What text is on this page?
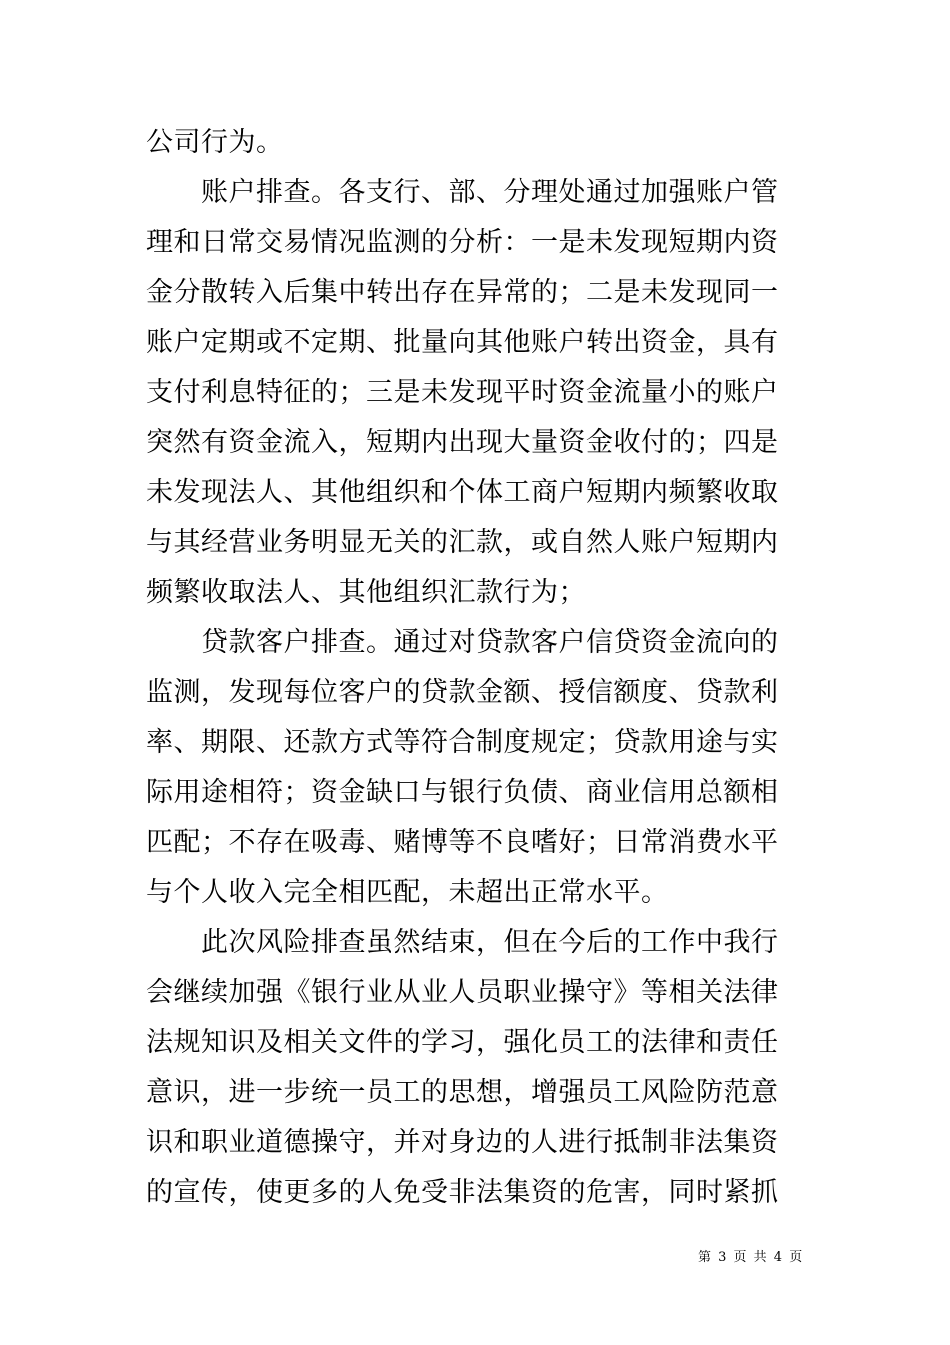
公司行为。
　　账户排查。各支行、部、分理处通过加强账户管
理和日常交易情况监测的分析：一是未发现短期内资
金分散转入后集中转出存在异常的；二是未发现同一
账户定期或不定期、批量向其他账户转出资金，具有
支付利息特征的；三是未发现平时资金流量小的账户
突然有资金流入，短期内出现大量资金收付的；四是
未发现法人、其他组织和个体工商户短期内频繁收取
与其经营业务明显无关的汇款，或自然人账户短期内
频繁收取法人、其他组织汇款行为；
　　贷款客户排查。通过对贷款客户信贷资金流向的
监测，发现每位客户的贷款金额、授信额度、贷款利
率、期限、还款方式等符合制度规定；贷款用途与实
际用途相符；资金缺口与银行负债、商业信用总额相
匹配；不存在吸毒、赌博等不良嗜好；日常消费水平
与个人收入完全相匹配，未超出正常水平。
　　此次风险排查虽然结束，但在今后的工作中我行
会继续加强《银行业从业人员职业操守》等相关法律
法规知识及相关文件的学习，强化员工的法律和责任
意识，进一步统一员工的思想，增强员工风险防范意
识和职业道德操守，并对身边的人进行抵制非法集资
的宣传，使更多的人免受非法集资的危害，同时紧抓
第 3 页 共 4 页
